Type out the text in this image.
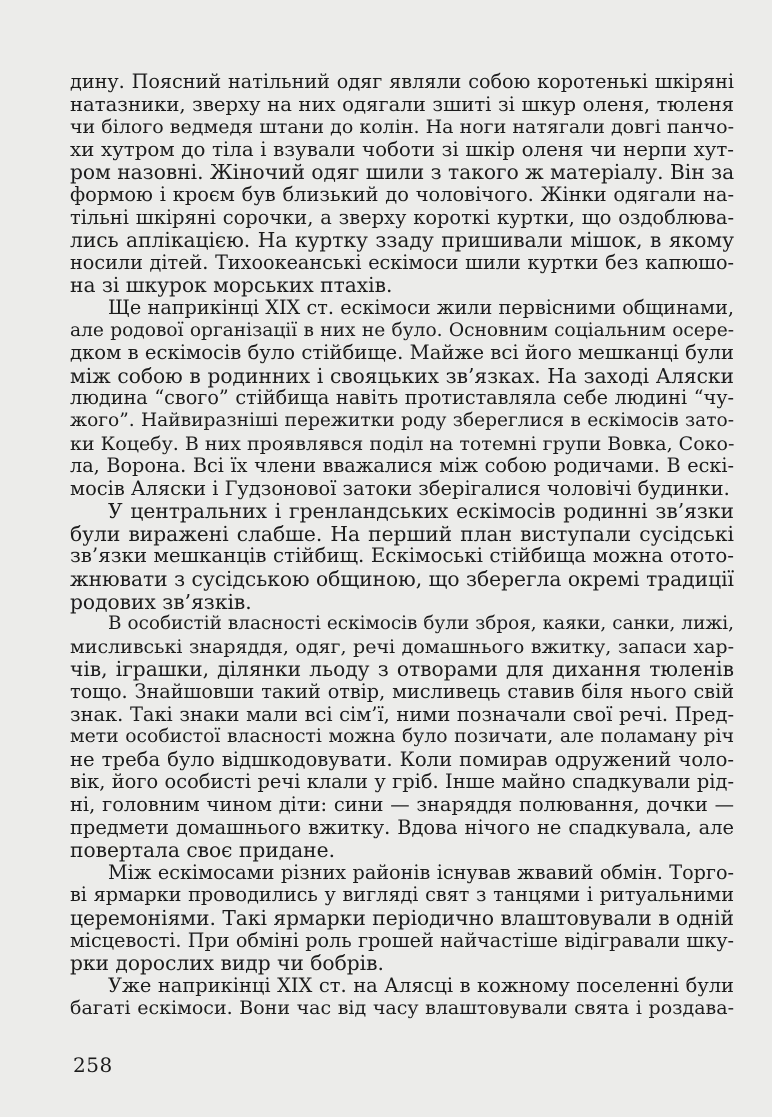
дину. Поясний натільний одяг являли собою коротенькі шкіряні
натазники, зверху на них одягали зшиті зі шкур оленя, тюленя
чи білого ведмедя штани до колін. На ноги натягали довгі панчо-
хи хутром до тіла і взували чоботи зі шкір оленя чи нерпи хут-
ром назовні. Жіночий одяг шили з такого ж матеріалу. Він за
формою і кроєм був близький до чоловічого. Жінки одягали на-
тільні шкіряні сорочки, а зверху короткі куртки, що оздоблюва-
лись аплікацією. На куртку ззаду пришивали мішок, в якому
носили дітей. Тихоокеанські ескімоси шили куртки без капюшо-
на зі шкурок морських птахів.
Ще наприкінці XIX ст. ескімоси жили первісними общинами,
але родової організації в них не було. Основним соціальним осере-
дком в ескімосів було стійбище. Майже всі його мешканці були
між собою в родинних і свояцьких зв’язках. На заході Аляски
людина “свого” стійбища навіть протиставляла себе людині “чу-
жого”. Найвиразніші пережитки роду збереглися в ескімосів зато-
ки Коцебу. В них проявлявся поділ на тотемні групи Вовка, Соко-
ла, Ворона. Всі їх члени вважалися між собою родичами. В ескі-
мосів Аляски і Гудзонової затоки зберігалися чоловічі будинки.
У центральних і гренландських ескімосів родинні зв’язки
були виражені слабше. На перший план виступали сусідські
зв’язки мешканців стійбищ. Ескімоські стійбища можна отото-
жнювати з сусідською общиною, що зберегла окремі традиції
родових зв’язків.
В особистій власності ескімосів були зброя, каяки, санки, лижі,
мисливські знаряддя, одяг, речі домашнього вжитку, запаси хар-
чів, іграшки, ділянки льоду з отворами для дихання тюленів
тощо. Знайшовши такий отвір, мисливець ставив біля нього свій
знак. Такі знаки мали всі сім’ї, ними позначали свої речі. Пред-
мети особистої власності можна було позичати, але поламану річ
не треба було відшкодовувати. Коли помирав одружений чоло-
вік, його особисті речі клали у гріб. Інше майно спадкували рід-
ні, головним чином діти: сини — знаряддя полювання, дочки —
предмети домашнього вжитку. Вдова нічого не спадкувала, але
повертала своє придане.
Між ескімосами різних районів існував жвавий обмін. Торго-
ві ярмарки проводились у вигляді свят з танцями і ритуальними
церемоніями. Такі ярмарки періодично влаштовували в одній
місцевості. При обміні роль грошей найчастіше відігравали шку-
рки дорослих видр чи бобрів.
Уже наприкінці XIX ст. на Алясці в кожному поселенні були
багаті ескімоси. Вони час від часу влаштовували свята і роздава-
258
